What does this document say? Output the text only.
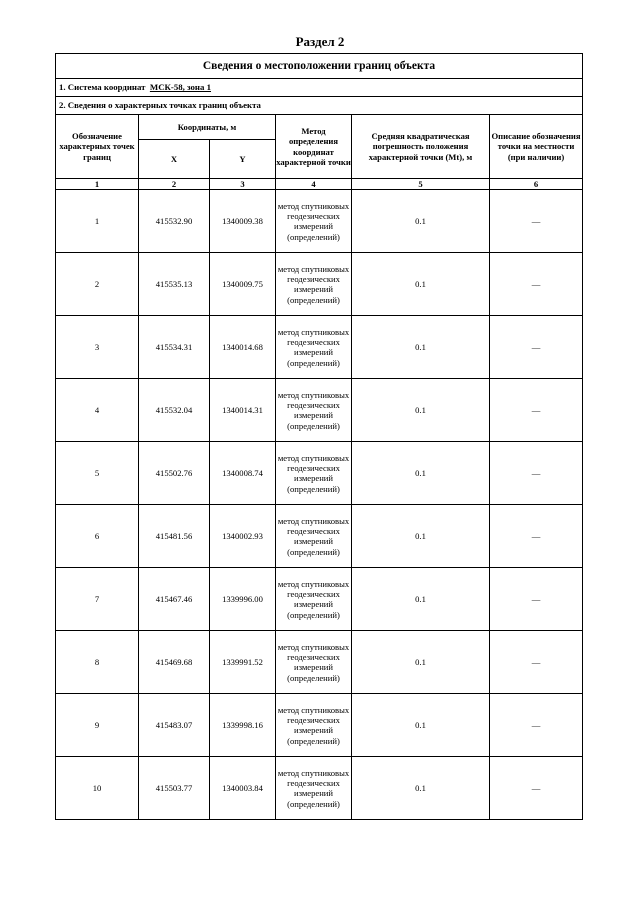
Раздел 2
Сведения о местоположении границ объекта					
1. Система координат МСК-58, зона 1					
2. Сведения о характерных точках границ объекта					
Обозначение характерных точек границ	Координаты, м		Метод определения координат характерной точки	Средняя квадратическая погрешность положения характерной точки (Mt), м	Описание обозначения точки на местности (при наличии)
	X	Y			
1	2	3	4	5	6
1	415532.90	1340009.38	метод спутниковых геодезических измерений (определений)	0.1	—
2	415535.13	1340009.75	метод спутниковых геодезических измерений (определений)	0.1	—
3	415534.31	1340014.68	метод спутниковых геодезических измерений (определений)	0.1	—
4	415532.04	1340014.31	метод спутниковых геодезических измерений (определений)	0.1	—
5	415502.76	1340008.74	метод спутниковых геодезических измерений (определений)	0.1	—
6	415481.56	1340002.93	метод спутниковых геодезических измерений (определений)	0.1	—
7	415467.46	1339996.00	метод спутниковых геодезических измерений (определений)	0.1	—
8	415469.68	1339991.52	метод спутниковых геодезических измерений (определений)	0.1	—
9	415483.07	1339998.16	метод спутниковых геодезических измерений (определений)	0.1	—
10	415503.77	1340003.84	метод спутниковых геодезических измерений (определений)	0.1	—
